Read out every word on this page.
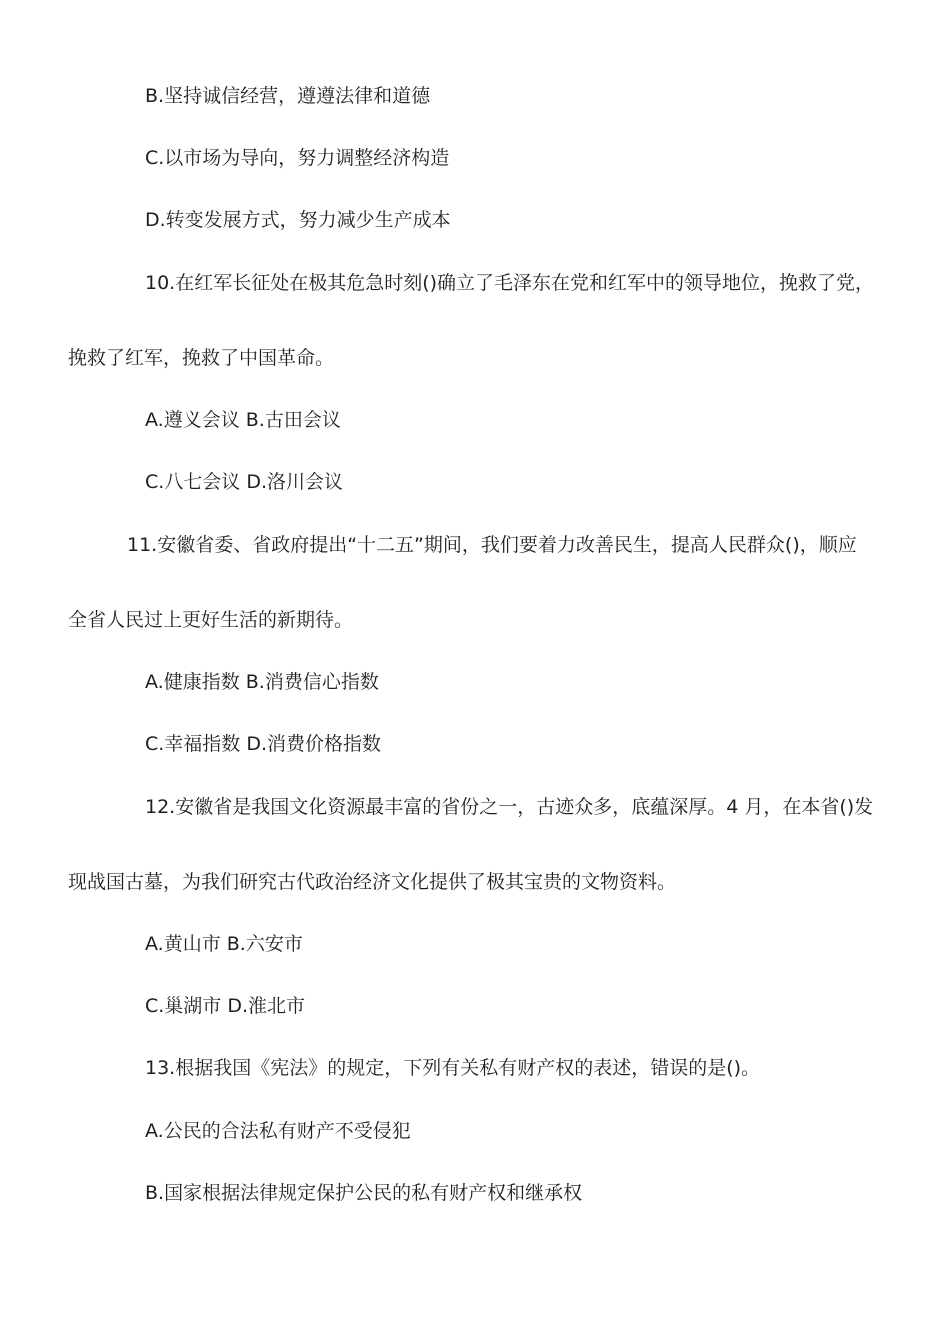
B.坚持诚信经营，遵遵法律和道德
C.以市场为导向，努力调整经济构造
D.转变发展方式，努力减少生产成本
10.在红军长征处在极其危急时刻()确立了毛泽东在党和红军中的领导地位，挽救了党，
挽救了红军，挽救了中国革命。
A.遵义会议 B.古田会议
C.八七会议 D.洛川会议
11.安徽省委、省政府提出“十二五”期间，我们要着力改善民生，提高人民群众()，顺应
全省人民过上更好生活的新期待。
A.健康指数 B.消费信心指数
C.幸福指数 D.消费价格指数
12.安徽省是我国文化资源最丰富的省份之一，古迹众多，底蕴深厚。4 月，在本省()发
现战国古墓，为我们研究古代政治经济文化提供了极其宝贵的文物资料。
A.黄山市 B.六安市
C.巢湖市 D.淮北市
13.根据我国《宪法》的规定，下列有关私有财产权的表述，错误的是()。
A.公民的合法私有财产不受侵犯
B.国家根据法律规定保护公民的私有财产权和继承权
